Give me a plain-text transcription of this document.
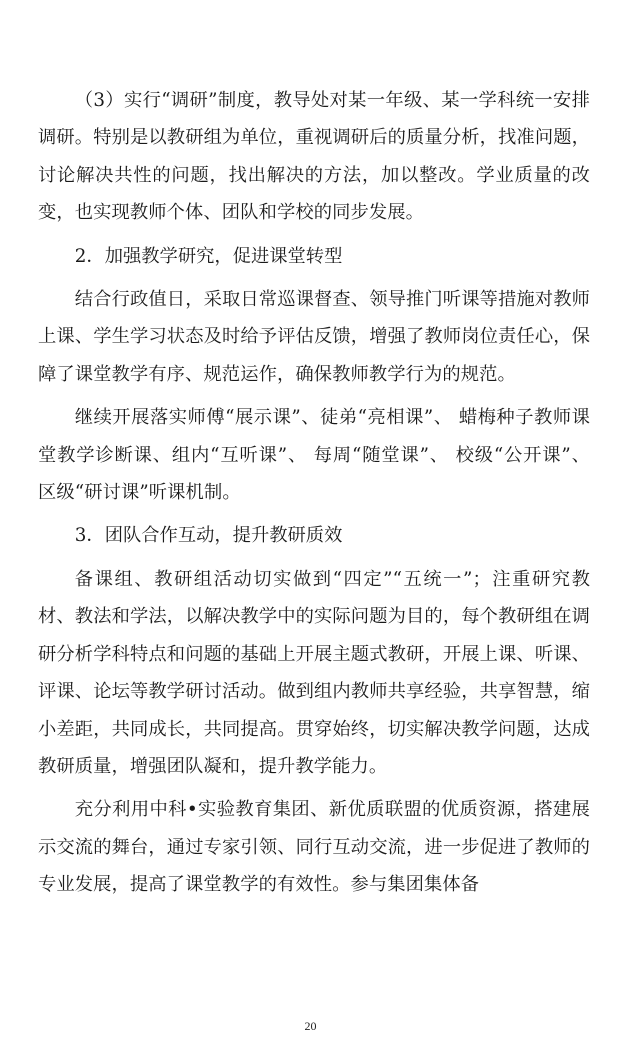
（3）实行“调研”制度，教导处对某一年级、某一学科统一安排调研。特别是以教研组为单位，重视调研后的质量分析，找准问题，讨论解决共性的问题，找出解决的方法，加以整改。学业质量的改变，也实现教师个体、团队和学校的同步发展。

2．加强教学研究，促进课堂转型

结合行政值日，采取日常巡课督查、领导推门听课等措施对教师上课、学生学习状态及时给予评估反馈，增强了教师岗位责任心，保障了课堂教学有序、规范运作，确保教师教学行为的规范。

继续开展落实师傅“展示课”、徒弟“亮相课”、 蜡梅种子教师课堂教学诊断课、组内“互听课”、 每周“随堂课”、 校级“公开课”、 区级“研讨课”听课机制。

3．团队合作互动，提升教研质效

备课组、教研组活动切实做到“四定”“五统一”；注重研究教材、教法和学法，以解决教学中的实际问题为目的，每个教研组在调研分析学科特点和问题的基础上开展主题式教研，开展上课、听课、评课、论坛等教学研讨活动。做到组内教师共享经验，共享智慧，缩小差距，共同成长，共同提高。贯穿始终，切实解决教学问题，达成教研质量，增强团队凝和，提升教学能力。

充分利用中科•实验教育集团、新优质联盟的优质资源，搭建展示交流的舞台，通过专家引领、同行互动交流，进一步促进了教师的专业发展，提高了课堂教学的有效性。参与集团集体备

20
